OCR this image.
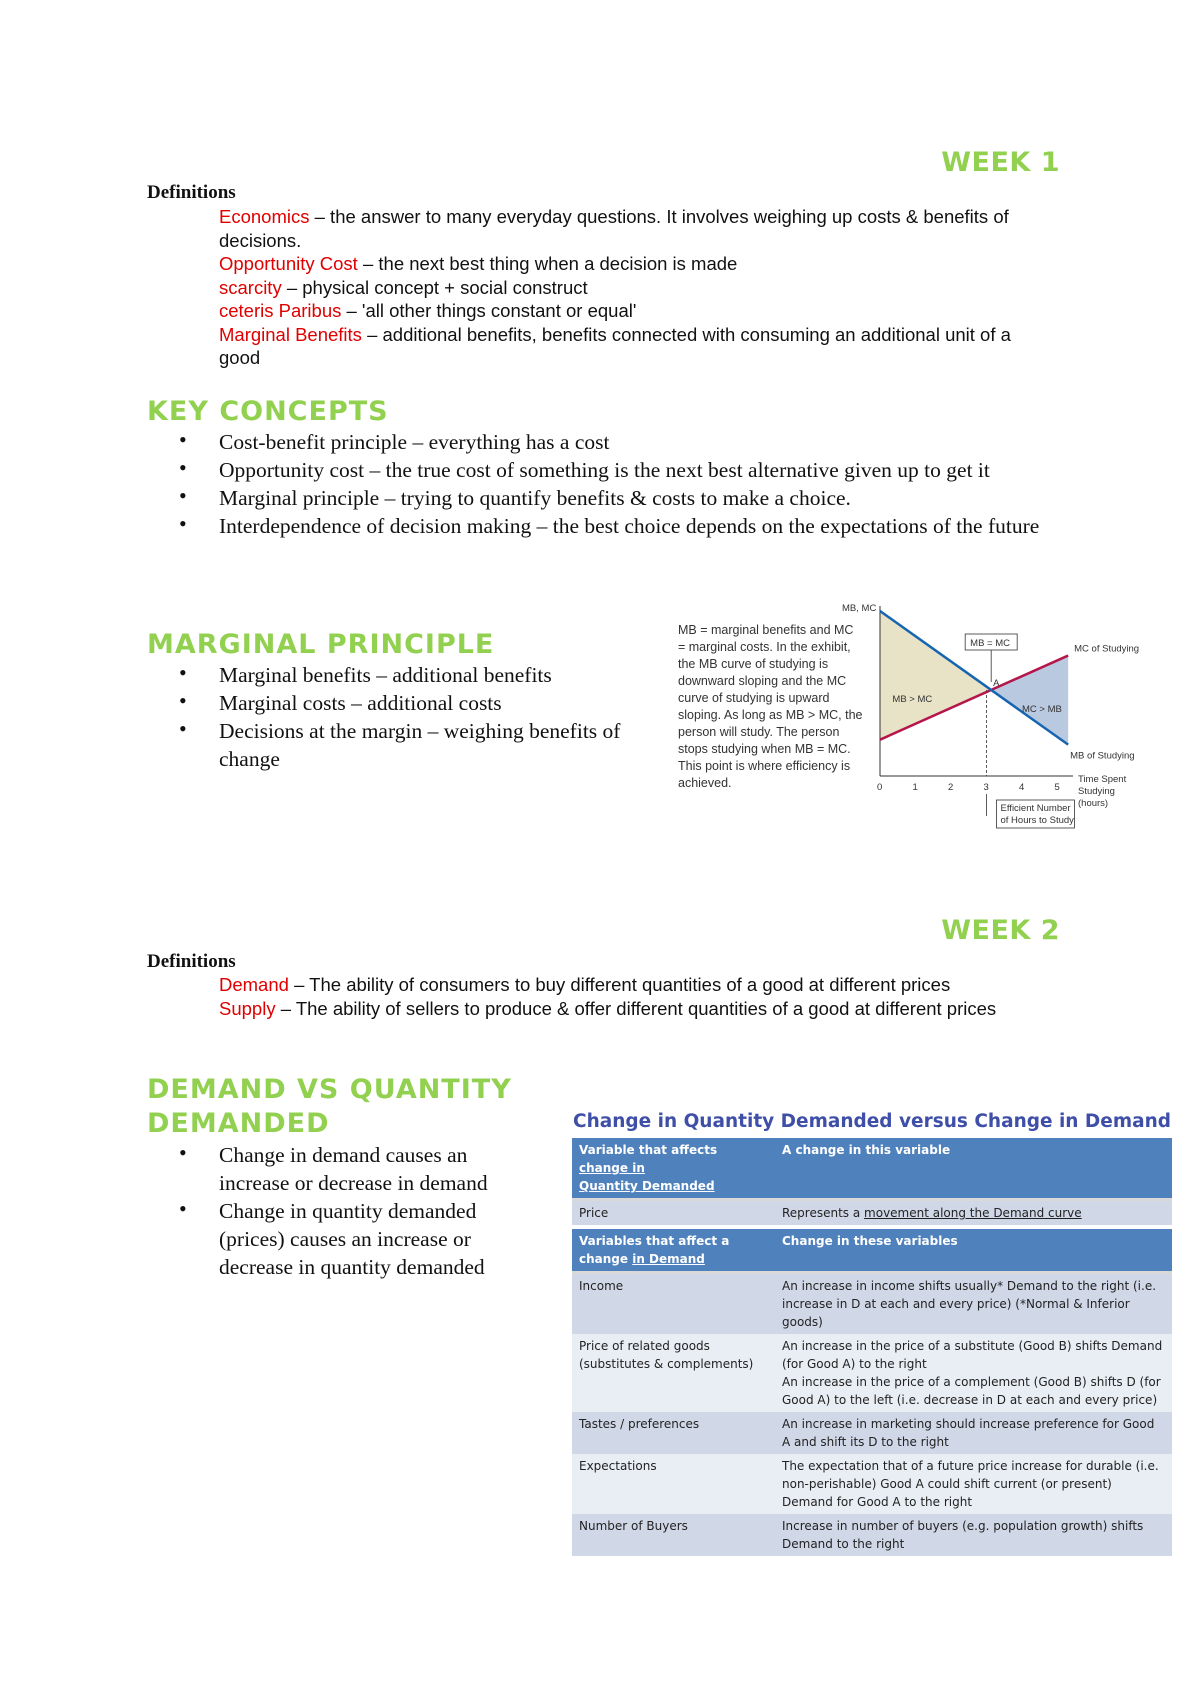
WEEK 1
Definitions

Economics – the answer to many everyday questions. It involves weighing up costs & benefits of decisions.

Opportunity Cost – the next best thing when a decision is made

scarcity – physical concept + social construct

ceteris Paribus – 'all other things constant or equal'

Marginal Benefits – additional benefits, benefits connected with consuming an additional unit of a good

KEY CONCEPTS
• Cost-benefit principle – everything has a cost
• Opportunity cost – the true cost of something is the next best alternative given up to get it
• Marginal principle – trying to quantify benefits & costs to make a choice.
• Interdependence of decision making – the best choice depends on the expectations of the future
MARGINAL PRINCIPLE
• Marginal benefits – additional benefits
• Marginal costs – additional costs
• Decisions at the margin – weighing benefits of change

MB = marginal benefits and MC = marginal costs. In the exhibit, the MB curve of studying is downward sloping and the MC curve of studying is upward sloping. As long as MB > MC, the person will study. The person stops studying when MB = MC. This point is where efficiency is achieved.

MB, MC
0	1	2	3	4	5
Time Spent
Studying
(hours)
MB = MC
MB > MC
MC > MB
A
MC of Studying
MB of Studying
Efficient Number
of Hours to Study
WEEK 2
Definitions

Demand – The ability of consumers to buy different quantities of a good at different prices

Supply – The ability of sellers to produce & offer different quantities of a good at different prices

DEMAND VS QUANTITY
DEMANDED
• Change in demand causes an increase or decrease in demand
• Change in quantity demanded (prices) causes an increase or decrease in quantity demanded

Change in Quantity Demanded versus Change in Demand

Variable that affects change in
Quantity Demanded	A change in this variable
Price	Represents a movement along the Demand curve

Variables that affect a change in Demand	Change in these variables
Income	An increase in income shifts usually* Demand to the right (i.e. increase in D at each and every price) (*Normal & Inferior goods)
Price of related goods (substitutes & complements)	An increase in the price of a substitute (Good B) shifts Demand (for Good A) to the right
An increase in the price of a complement (Good B) shifts D (for Good A) to the left (i.e. decrease in D at each and every price)

Tastes / preferences	An increase in marketing should increase preference for Good A and shift its D to the right
Expectations	The expectation that of a future price increase for durable (i.e. non-perishable) Good A could shift current (or present) Demand for Good A to the right
Number of Buyers	Increase in number of buyers (e.g. population growth) shifts Demand to the right
